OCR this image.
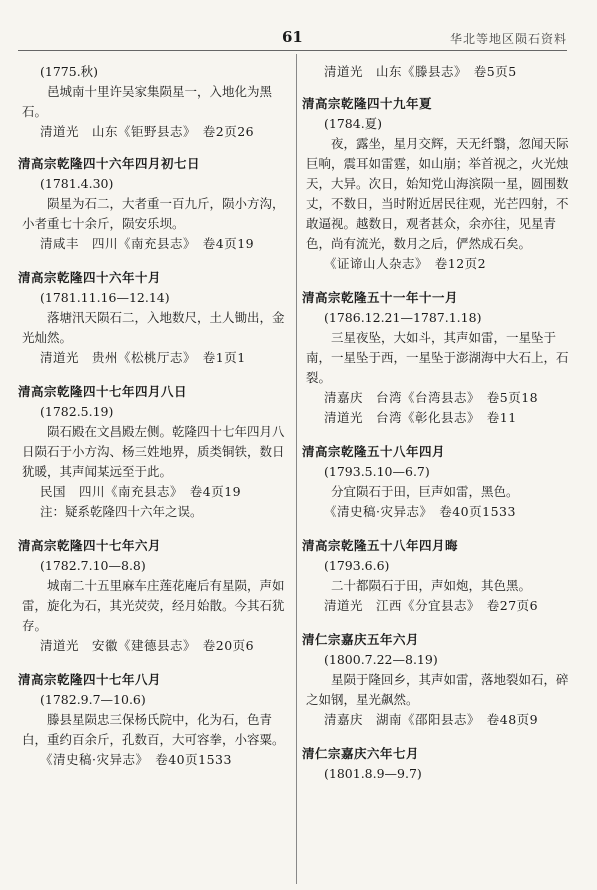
61	华北等地区陨石资料
(1775.秋)
邑城南十里许吴家集陨星一，入地化为黑石。
清道光　山东《钜野县志》　卷2页26
清高宗乾隆四十六年四月初七日
(1781.4.30)
陨星为石二，大者重一百九斤，陨小方沟，小者重七十余斤，陨安乐坝。
清咸丰　四川《南充县志》　卷4页19
清高宗乾隆四十六年十月
(1781.11.16—12.14)
落塘汛天陨石二，入地数尺，土人锄出，金光灿然。
清道光　贵州《松桃厅志》　卷1页1
清高宗乾隆四十七年四月八日
(1782.5.19)
陨石殿在文昌殿左侧。乾隆四十七年四月八日陨石于小方沟、杨三姓地界，质类铜铁，数日犹暖，其声闻某远至于此。
民国　四川《南充县志》　卷4页19
注：疑系乾隆四十六年之误。
清高宗乾隆四十七年六月
(1782.7.10—8.8)
城南二十五里麻车庄莲花庵后有星陨，声如雷，旋化为石，其光荧荧，经月始散。今其石犹存。
清道光　安徽《建德县志》　卷20页6
清高宗乾隆四十七年八月
(1782.9.7—10.6)
滕县星陨忠三保杨氏院中，化为石，色青白，重约百余斤，孔数百，大可容拳，小容粟。
《清史稿·灾异志》　卷40页1533
清道光　山东《滕县志》　卷5页5
清高宗乾隆四十九年夏
(1784.夏)
夜，露坐，星月交辉，天无纤翳，忽闻天际巨响，震耳如雷霆，如山崩；举首视之，火光烛天，大异。次日，始知党山海滨陨一星，圆围数丈，不数日，当时附近居民往观，光芒四射，不敢逼视。越数日，观者甚众，余亦往，见星青色，尚有流光，数月之后，俨然成石矣。
《证谛山人杂志》　卷12页2
清高宗乾隆五十一年十一月
(1786.12.21—1787.1.18)
三星夜坠，大如斗，其声如雷，一星坠于南，一星坠于西，一星坠于澎湖海中大石上，石裂。
清嘉庆　台湾《台湾县志》　卷5页18
清道光　台湾《彰化县志》　卷11
清高宗乾隆五十八年四月
(1793.5.10—6.7)
分宜陨石于田，巨声如雷，黑色。
《清史稿·灾异志》　卷40页1533
清高宗乾隆五十八年四月晦
(1793.6.6)
二十都陨石于田，声如炮，其色黑。
清道光　江西《分宜县志》　卷27页6
清仁宗嘉庆五年六月
(1800.7.22—8.19)
星陨于隆回乡，其声如雷，落地裂如石，碎之如钢，星光飙然。
清嘉庆　湖南《邵阳县志》　卷48页9
清仁宗嘉庆六年七月
(1801.8.9—9.7)
